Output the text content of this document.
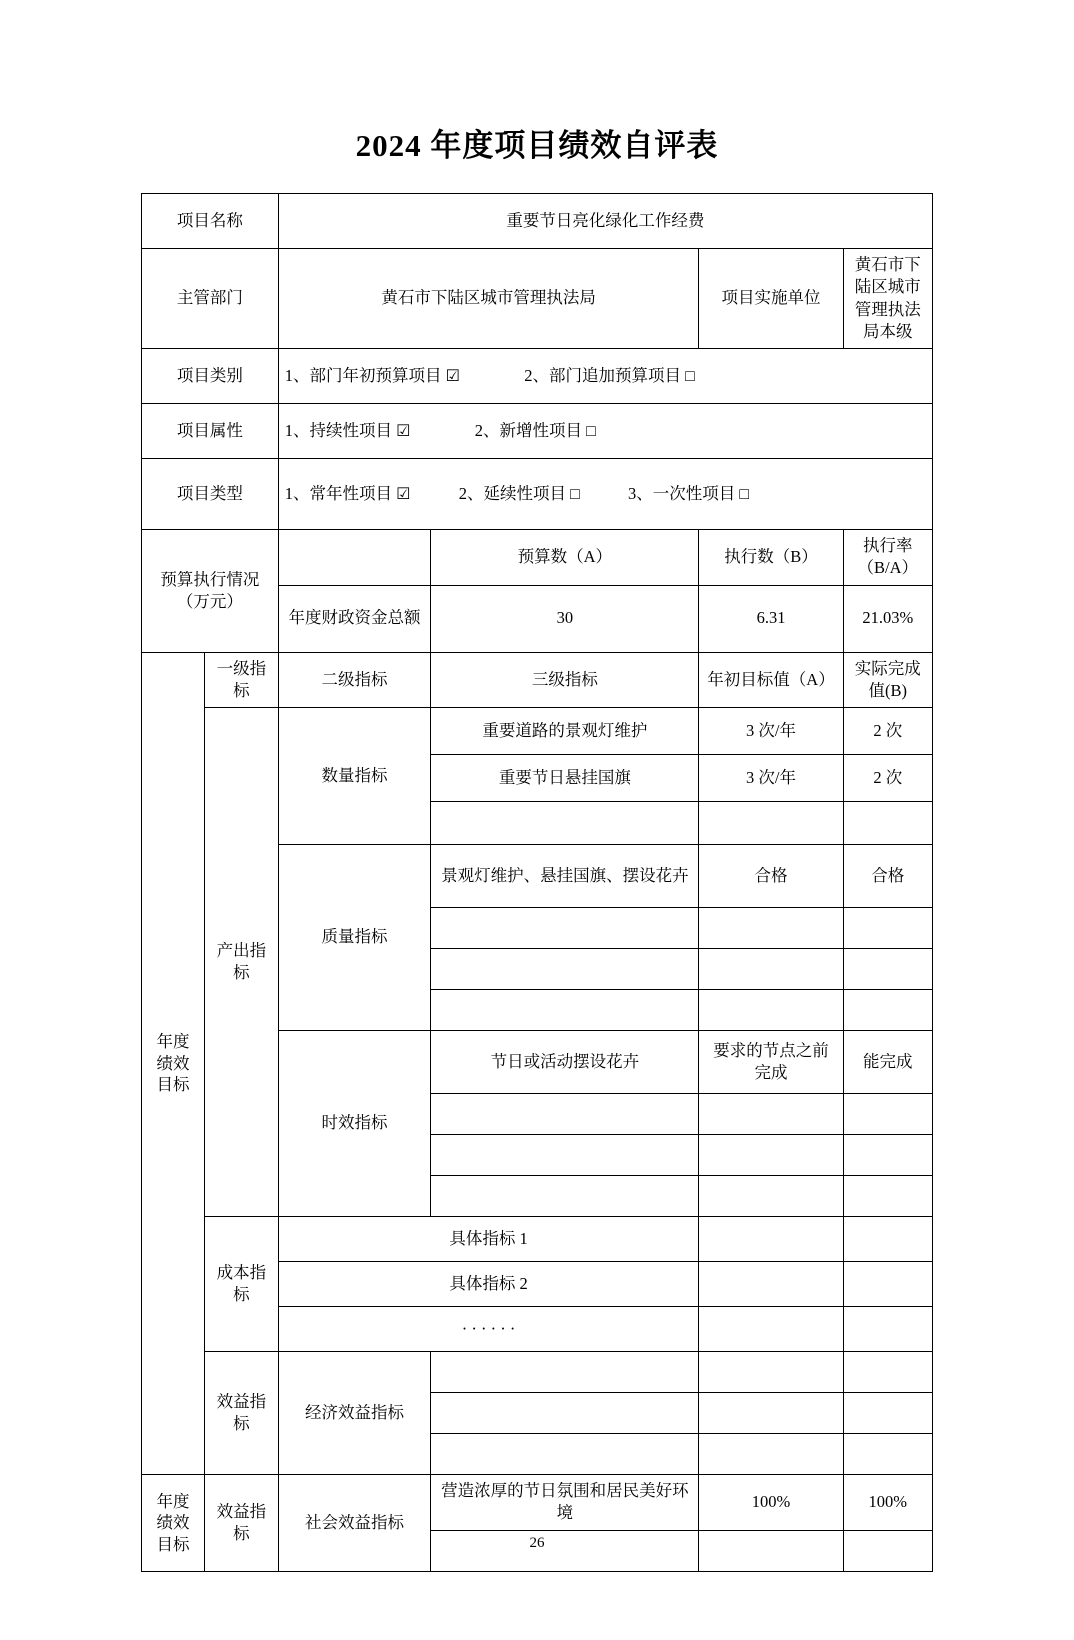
2024 年度项目绩效自评表
项目名称		重要节日亮化绿化工作经费			
主管部门		黄石市下陆区城市管理执法局		项目实施单位	黄石市下陆区城市管理执法局本级
项目类别		1、部门年初预算项目 ☑ 2、部门追加预算项目 □			
项目属性		1、持续性项目 ☑ 2、新增性项目 □			
项目类型		1、常年性项目 ☑ 2、延续性项目 □ 3、一次性项目 □			
预算执行情况（万元）			预算数（A）	执行数（B）	执行率（B/A）
		年度财政资金总额	30	6.31	21.03%

年度绩效目标	一级指标	二级指标	三级指标	年初目标值（A）	实际完成值(B)

	产出指标	数量指标	重要道路的景观灯维护	3 次/年	2 次
			重要节日悬挂国旗	3 次/年	2 次

		质量指标	景观灯维护、悬挂国旗、摆设花卉	合格	合格

		时效指标	节日或活动摆设花卉	要求的节点之前完成	能完成

	成本指标	具体指标 1			
		具体指标 2			
		· · · · · ·			

	效益指标	经济效益指标			

年度绩效目标	效益指标	社会效益指标	营造浓厚的节日氛围和居民美好环境	100%	100%

26
